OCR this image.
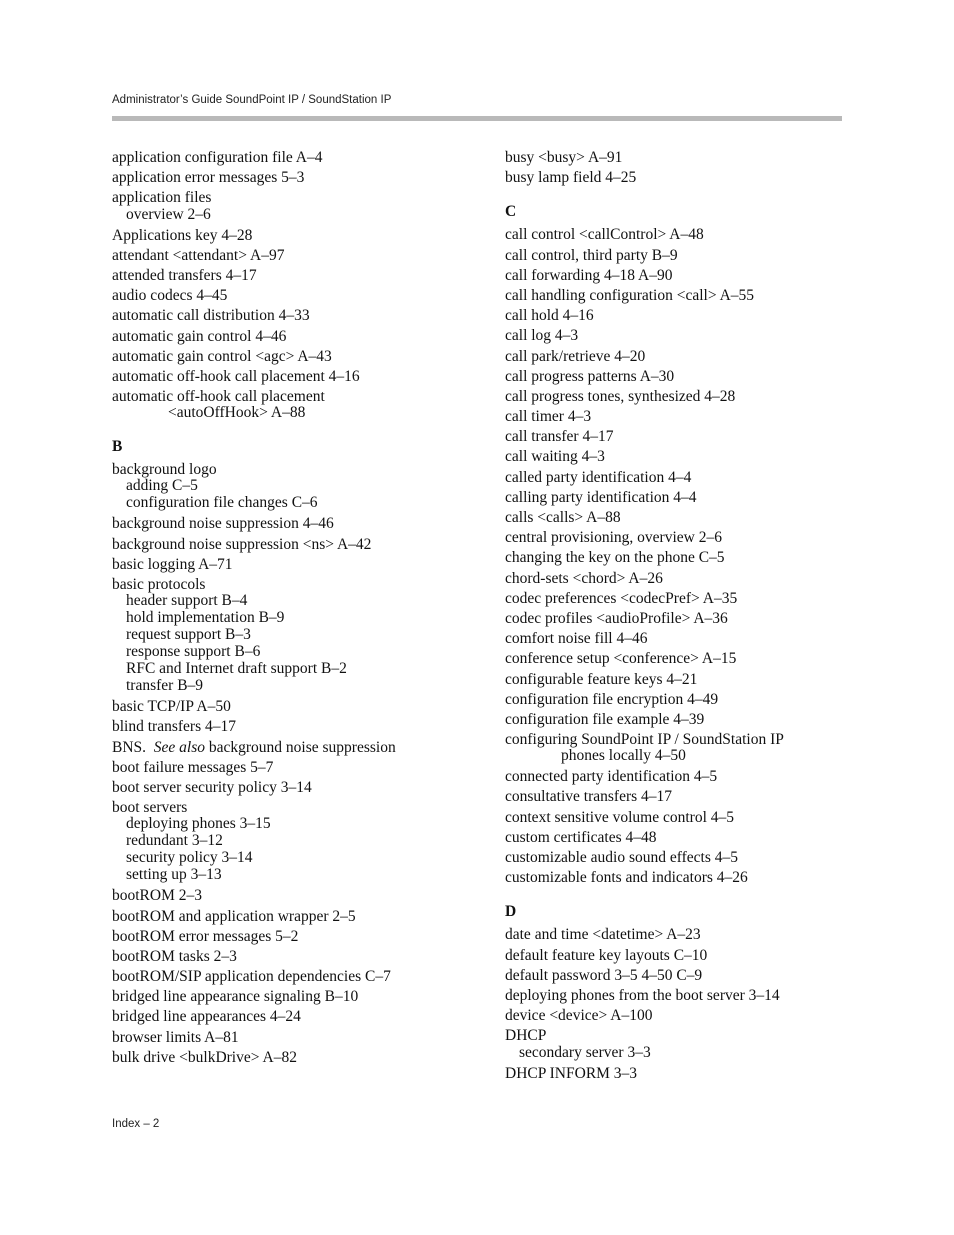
Administrator’s Guide SoundPoint IP / SoundStation IP
application configuration file A–4
application error messages 5–3
application files
overview 2–6
Applications key 4–28
attendant <attendant> A–97
attended transfers 4–17
audio codecs 4–45
automatic call distribution 4–33
automatic gain control 4–46
automatic gain control <agc> A–43
automatic off-hook call placement 4–16
automatic off-hook call placement
<autoOffHook> A–88
B
background logo
adding C–5
configuration file changes C–6
background noise suppression 4–46
background noise suppression <ns> A–42
basic logging A–71
basic protocols
header support B–4
hold implementation B–9
request support B–3
response support B–6
RFC and Internet draft support B–2
transfer B–9
basic TCP/IP A–50
blind transfers 4–17
BNS. See also background noise suppression
boot failure messages 5–7
boot server security policy 3–14
boot servers
deploying phones 3–15
redundant 3–12
security policy 3–14
setting up 3–13
bootROM 2–3
bootROM and application wrapper 2–5
bootROM error messages 5–2
bootROM tasks 2–3
bootROM/SIP application dependencies C–7
bridged line appearance signaling B–10
bridged line appearances 4–24
browser limits A–81
bulk drive <bulkDrive> A–82
busy <busy> A–91
busy lamp field 4–25
C
call control <callControl> A–48
call control, third party B–9
call forwarding 4–18 A–90
call handling configuration <call> A–55
call hold 4–16
call log 4–3
call park/retrieve 4–20
call progress patterns A–30
call progress tones, synthesized 4–28
call timer 4–3
call transfer 4–17
call waiting 4–3
called party identification 4–4
calling party identification 4–4
calls <calls> A–88
central provisioning, overview 2–6
changing the key on the phone C–5
chord-sets <chord> A–26
codec preferences <codecPref> A–35
codec profiles <audioProfile> A–36
comfort noise fill 4–46
conference setup <conference> A–15
configurable feature keys 4–21
configuration file encryption 4–49
configuration file example 4–39
configuring SoundPoint IP / SoundStation IP
phones locally 4–50
connected party identification 4–5
consultative transfers 4–17
context sensitive volume control 4–5
custom certificates 4–48
customizable audio sound effects 4–5
customizable fonts and indicators 4–26
D
date and time <datetime> A–23
default feature key layouts C–10
default password 3–5 4–50 C–9
deploying phones from the boot server 3–14
device <device> A–100
DHCP
secondary server 3–3
DHCP INFORM 3–3
Index – 2
